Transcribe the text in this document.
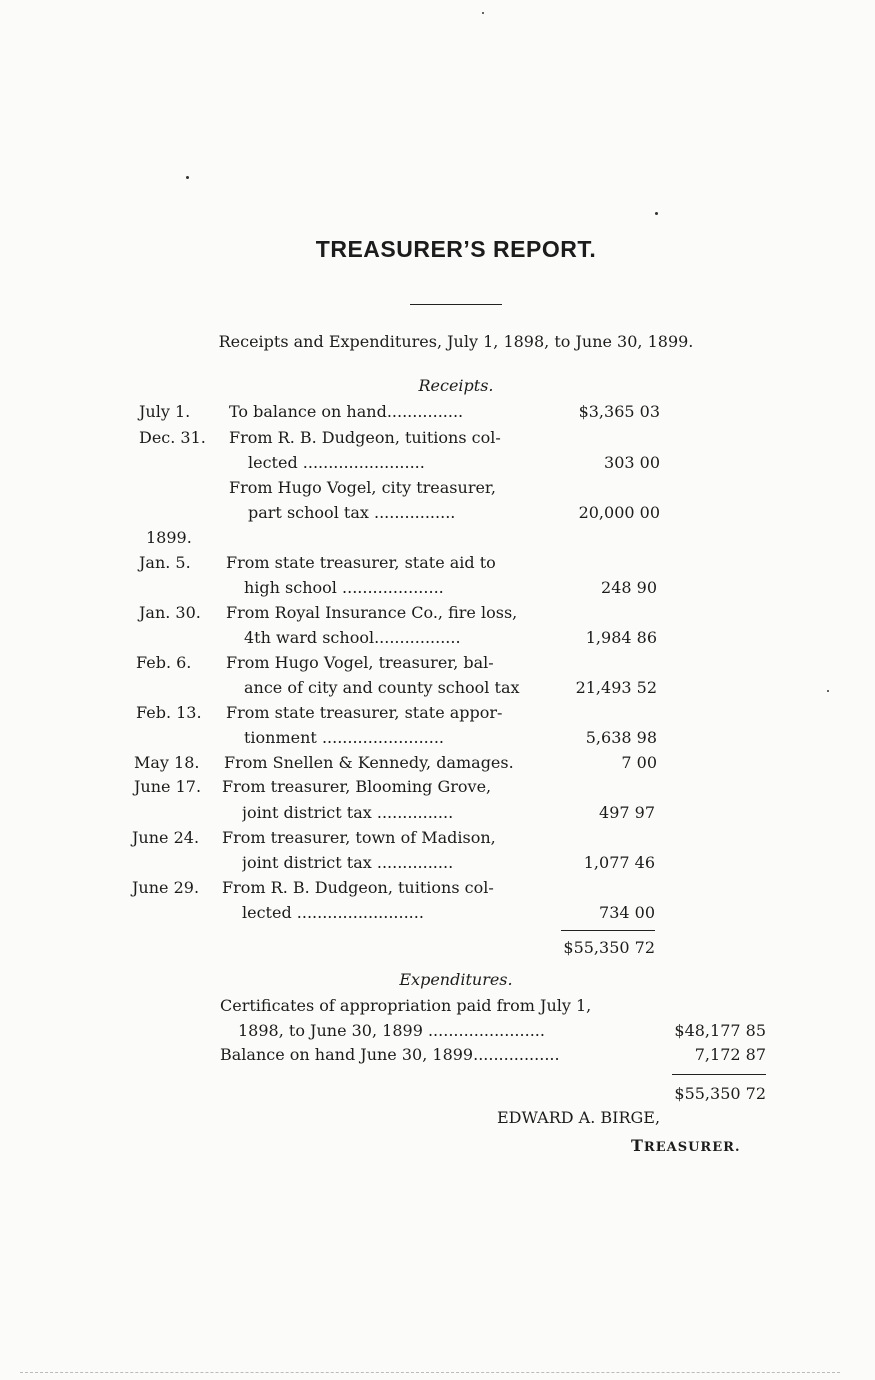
TREASURER’S REPORT.
Receipts and Expenditures, July 1, 1898, to June 30, 1899.
Receipts.
July 1. To balance on hand...............	$3,365 03
Dec. 31. From R. B. Dudgeon, tuitions col-
lected ........................	303 00
From Hugo Vogel, city treasurer,
part school tax ................	20,000 00
1899.
Jan. 5. From state treasurer, state aid to
high school ....................	248 90
Jan. 30. From Royal Insurance Co., fire loss,
4th ward school.................	1,984 86
Feb. 6. From Hugo Vogel, treasurer, bal-
ance of city and county school tax	21,493 52
Feb. 13. From state treasurer, state appor-
tionment ........................	5,638 98
May 18. From Snellen & Kennedy, damages.	7 00
June 17. From treasurer, Blooming Grove,
joint district tax ...............	497 97
June 24. From treasurer, town of Madison,
joint district tax ...............	1,077 46
June 29. From R. B. Dudgeon, tuitions col-
lected .........................	734 00
$55,350 72
Expenditures.
Certificates of appropriation paid from July 1,
1898, to June 30, 1899 .......................	$48,177 85
Balance on hand June 30, 1899.................	7,172 87
$55,350 72
EDWARD A. BIRGE,
TREASURER.
